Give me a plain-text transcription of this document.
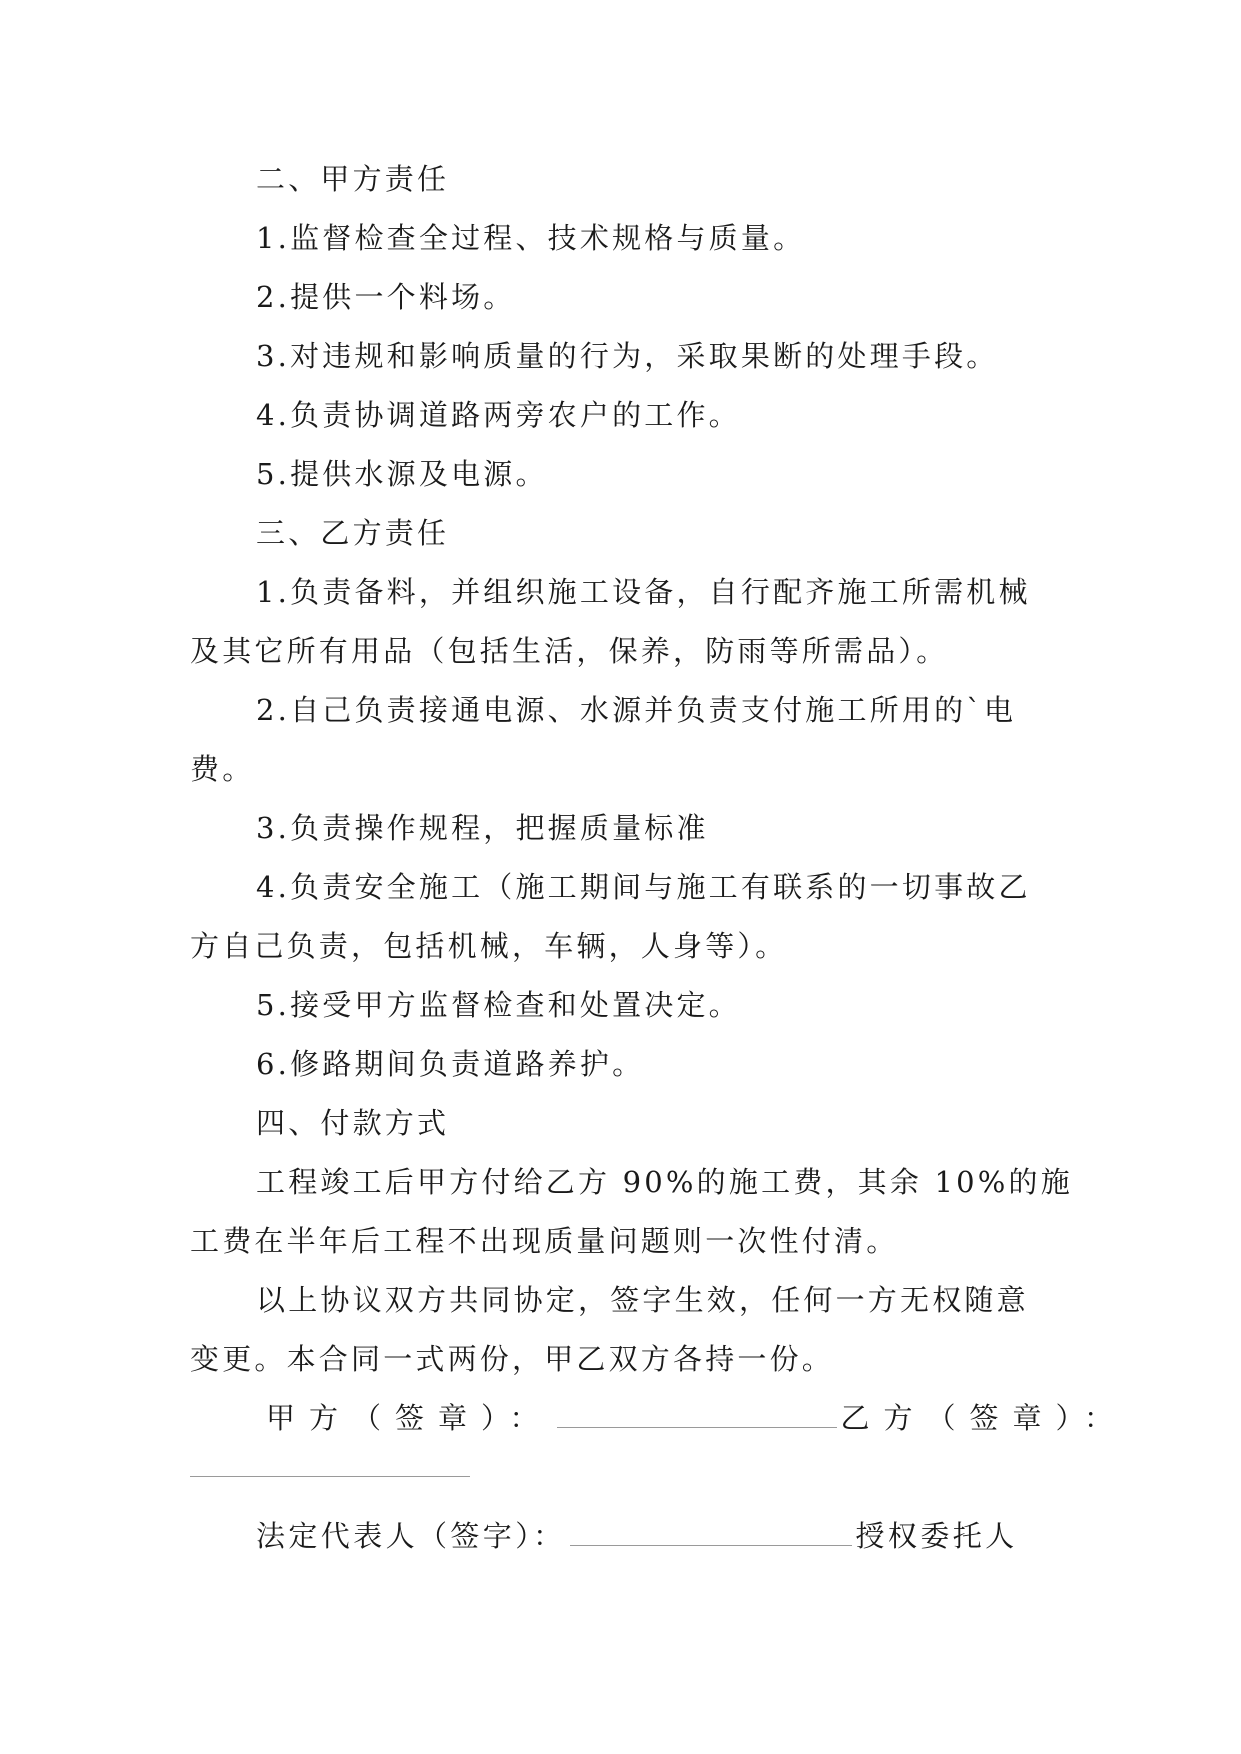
二、甲方责任
1.监督检查全过程、技术规格与质量。
2.提供一个料场。
3.对违规和影响质量的行为，采取果断的处理手段。
4.负责协调道路两旁农户的工作。
5.提供水源及电源。
三、乙方责任
1.负责备料，并组织施工设备，自行配齐施工所需机械
及其它所有用品（包括生活，保养，防雨等所需品）。
2.自己负责接通电源、水源并负责支付施工所用的`电
费。
3.负责操作规程，把握质量标准
4.负责安全施工（施工期间与施工有联系的一切事故乙
方自己负责，包括机械，车辆，人身等）。
5.接受甲方监督检查和处置决定。
6.修路期间负责道路养护。
四、付款方式
工程竣工后甲方付给乙方 90%的施工费，其余 10%的施
工费在半年后工程不出现质量问题则一次性付清。
以上协议双方共同协定，签字生效，任何一方无权随意
变更。本合同一式两份，甲乙双方各持一份。
甲方（签章）：	乙方（签章）：
法定代表人（签字）：	授权委托人
